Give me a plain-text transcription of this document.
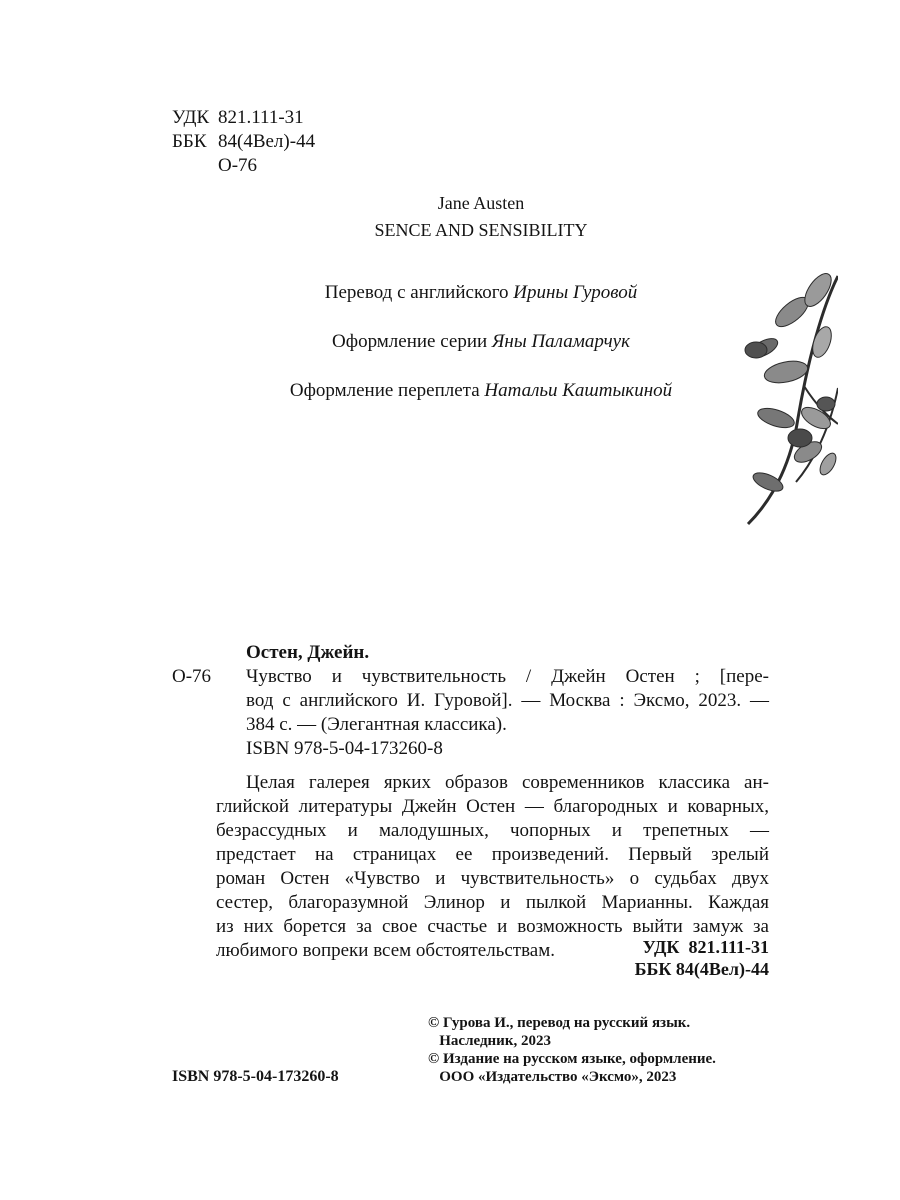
УДК 821.111-31
ББК 84(4Вел)-44
О-76
Jane Austen
SENCE AND SENSIBILITY
Перевод с английского Ирины Гуровой
Оформление серии Яны Паламарчук
Оформление переплета Натальи Каштыкиной
Остен, Джейн.
О-76 Чувство и чувствительность / Джейн Остен ; [пере-
вод с английского И. Гуровой]. — Москва : Эксмо, 2023. —
384 с. — (Элегантная классика).
ISBN 978-5-04-173260-8
Целая галерея ярких образов современников классика ан-
глийской литературы Джейн Остен — благородных и коварных,
безрассудных и малодушных, чопорных и трепетных —
предстает на страницах ее произведений. Первый зрелый
роман Остен «Чувство и чувствительность» о судьбах двух
сестер, благоразумной Элинор и пылкой Марианны. Каждая
из них борется за свое счастье и возможность выйти замуж за
любимого вопреки всем обстоятельствам.	УДК  821.111-31
ББК 84(4Вел)-44
© Гурова И., перевод на русский язык.
Наследник, 2023
© Издание на русском языке, оформление.
ООО «Издательство «Эксмо», 2023
ISBN 978-5-04-173260-8
